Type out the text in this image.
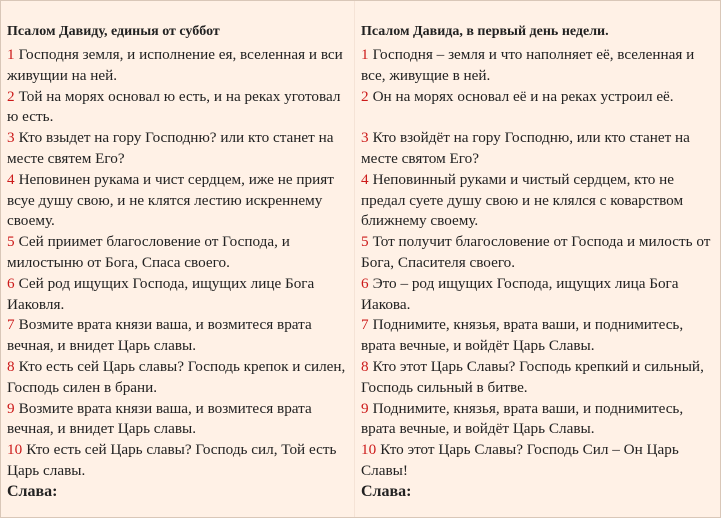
Псалом Давиду, единыя от суббот

1 Господня земля, и исполнение ея, вселенная и вси живущии на ней.

2 Той на морях основал ю есть, и на реках уготовал ю есть.

3 Кто взыдет на гору Господню? или кто станет на месте святем Его?

4 Неповинен рукама и чист сердцем, иже не прият всуе душу свою, и не клятся лестию искреннему своему.

5 Сей приимет благословение от Господа, и милостыню от Бога, Спаса своего.

6 Сей род ищущих Господа, ищущих лице Бога Иаковля.

7 Возмите врата князи ваша, и возмитеся врата вечная, и внидет Царь славы.

8 Кто есть сей Царь славы? Господь крепок и силен, Господь силен в брани.

9 Возмите врата князи ваша, и возмитеся врата вечная, и внидет Царь славы.

10 Кто есть сей Царь славы? Господь сил, Той есть Царь славы.

Слава:

Псалом Давида, в первый день недели.

1 Господня – земля и что наполняет её, вселенная и все, живущие в ней.

2 Он на морях основал её и на реках устроил её.

3 Кто взойдёт на гору Господню, или кто станет на месте святом Его?

4 Неповинный руками и чистый сердцем, кто не предал суете душу свою и не клялся с коварством ближнему своему.

5 Тот получит благословение от Господа и милость от Бога, Спасителя своего.

6 Это – род ищущих Господа, ищущих лица Бога Иакова.

7 Поднимите, князья, врата ваши, и поднимитесь, врата вечные, и войдёт Царь Славы.

8 Кто этот Царь Славы? Господь крепкий и сильный, Господь сильный в битве.

9 Поднимите, князья, врата ваши, и поднимитесь, врата вечные, и войдёт Царь Славы.

10 Кто этот Царь Славы? Господь Сил – Он Царь Славы!

Слава:
